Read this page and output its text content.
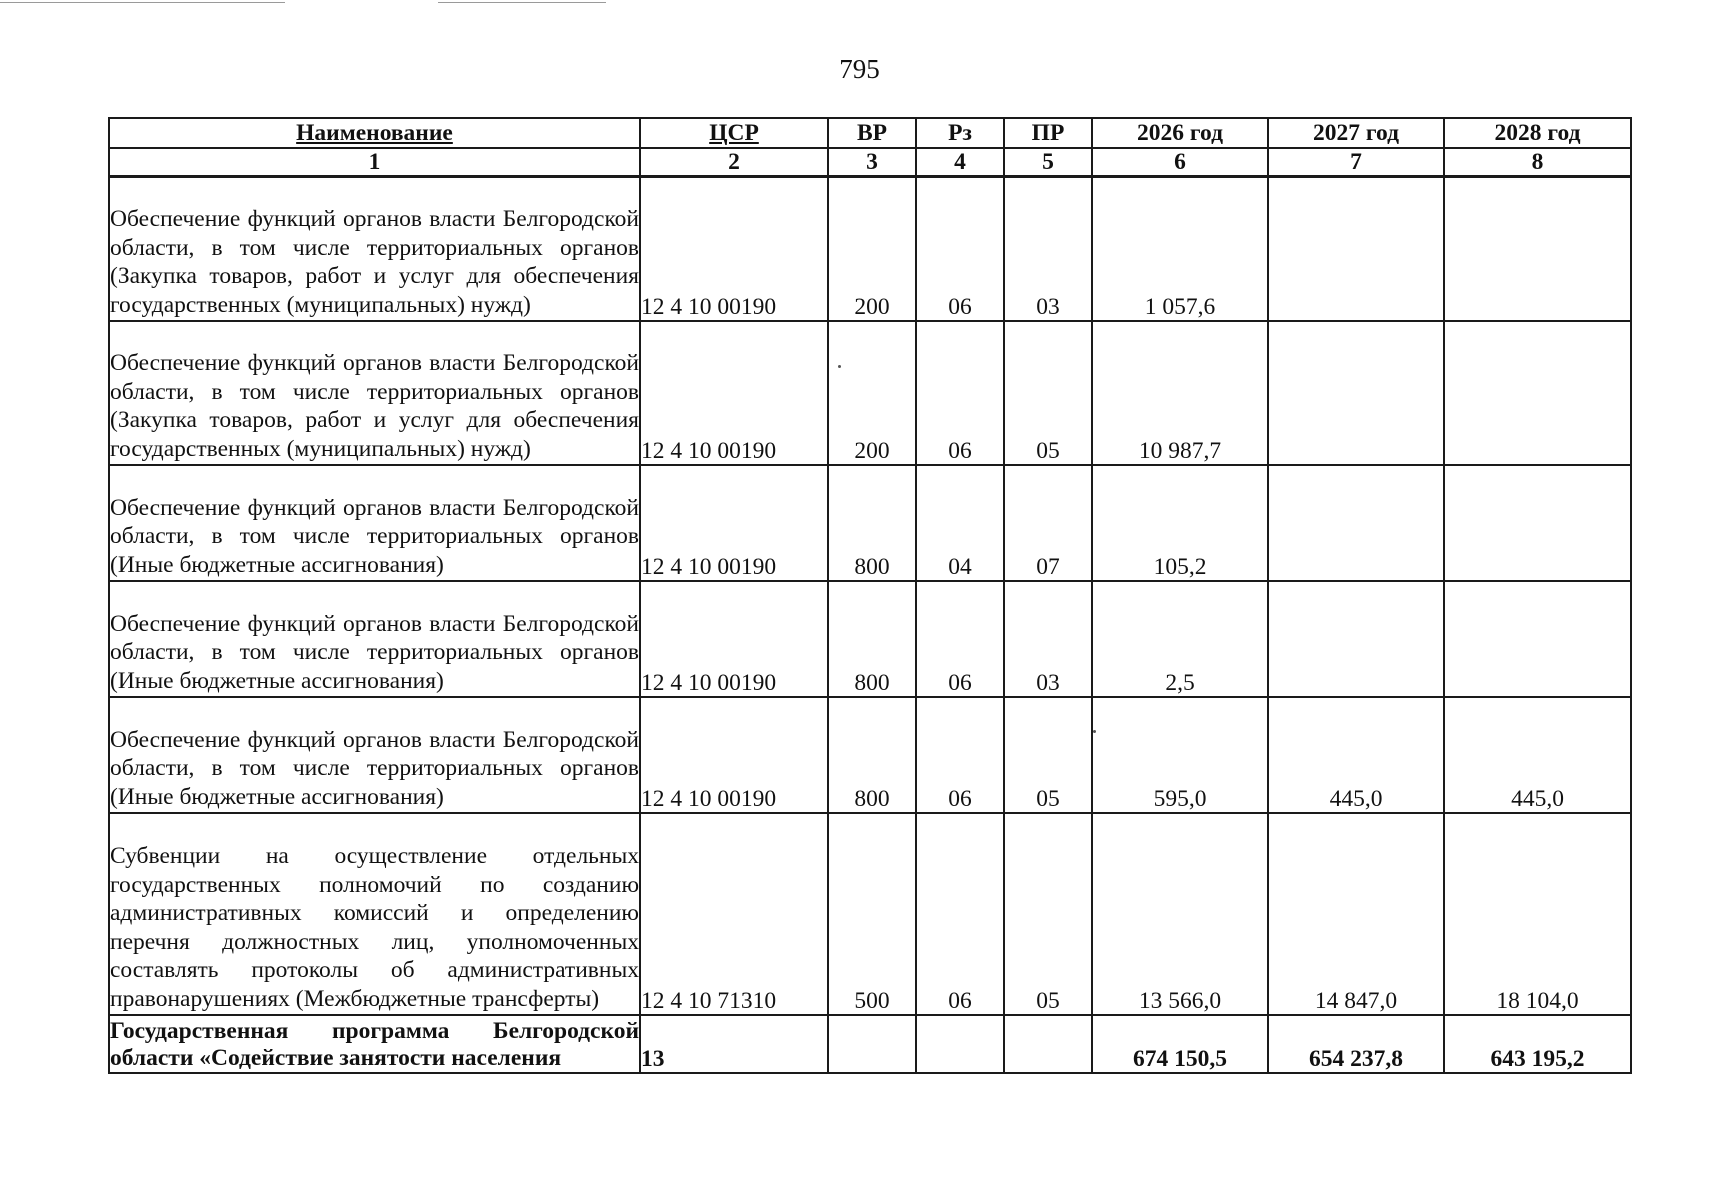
795
Наименование	ЦСР	ВР	Рз	ПР	2026 год	2027 год	2028 год
1	2	3	4	5	6	7	8
Обеспечение функций органов власти Белгородской области, в том числе территориальных органов (Закупка товаров, работ и услуг для обеспечения государственных (муниципальных) нужд)	12 4 10 00190	200	06	03	1 057,6		
Обеспечение функций органов власти Белгородской области, в том числе территориальных органов (Закупка товаров, работ и услуг для обеспечения государственных (муниципальных) нужд)	12 4 10 00190	200	06	05	10 987,7		
Обеспечение функций органов власти Белгородской области, в том числе территориальных органов (Иные бюджетные ассигнования)	12 4 10 00190	800	04	07	105,2		
Обеспечение функций органов власти Белгородской области, в том числе территориальных органов (Иные бюджетные ассигнования)	12 4 10 00190	800	06	03	2,5		
Обеспечение функций органов власти Белгородской области, в том числе территориальных органов (Иные бюджетные ассигнования)	12 4 10 00190	800	06	05	595,0	445,0	445,0
Субвенции на осуществление отдельных государственных полномочий по созданию административных комиссий и определению перечня должностных лиц, уполномоченных составлять протоколы об административных правонарушениях (Межбюджетные трансферты)	12 4 10 71310	500	06	05	13 566,0	14 847,0	18 104,0
Государственная программа Белгородской области «Содействие занятости населения	13				674 150,5	654 237,8	643 195,2
